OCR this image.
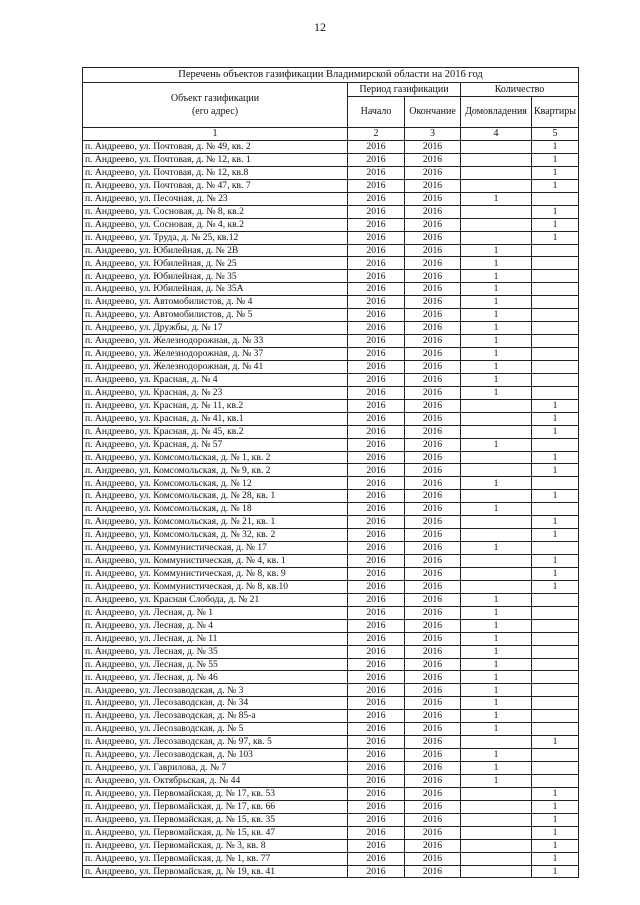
12
Перечень объектов газификации Владимирской области на 2016 год				
Объект газификации
(его адрес)	Период газификации		Количество	
	Начало	Окончание	Домовладения	Квартиры
1	2	3	4	5
п. Андреево, ул. Почтовая, д. № 49, кв. 2	2016	2016		1
п. Андреево, ул. Почтовая, д. № 12, кв. 1	2016	2016		1
п. Андреево, ул. Почтовая, д. № 12, кв.8	2016	2016		1
п. Андреево, ул. Почтовая, д. № 47, кв. 7	2016	2016		1
п. Андреево, ул. Песочная, д. № 23	2016	2016	1	
п. Андреево, ул. Сосновая, д. № 8, кв.2	2016	2016		1
п. Андреево, ул. Сосновая, д. № 4, кв.2	2016	2016		1
п. Андреево, ул. Труда, д. № 25, кв.12	2016	2016		1
п. Андреево, ул. Юбилейная, д. № 2В	2016	2016	1	
п. Андреево, ул. Юбилейная, д. № 25	2016	2016	1	
п. Андреево, ул. Юбилейная, д. № 35	2016	2016	1	
п. Андреево, ул. Юбилейная, д. № 35А	2016	2016	1	
п. Андреево, ул. Автомобилистов, д. № 4	2016	2016	1	
п. Андреево, ул. Автомобилистов, д. № 5	2016	2016	1	
п. Андреево, ул. Дружбы, д. № 17	2016	2016	1	
п. Андреево, ул. Железнодорожная, д. № 33	2016	2016	1	
п. Андреево, ул. Железнодорожная, д. № 37	2016	2016	1	
п. Андреево, ул. Железнодорожная, д. № 41	2016	2016	1	
п. Андреево, ул. Красная, д. № 4	2016	2016	1	
п. Андреево, ул. Красная, д. № 23	2016	2016	1	
п. Андреево, ул. Красная, д. № 11, кв.2	2016	2016		1
п. Андреево, ул. Красная, д. № 41, кв.1	2016	2016		1
п. Андреево, ул. Красная, д. № 45, кв.2	2016	2016		1
п. Андреево, ул. Красная, д. № 57	2016	2016	1	
п. Андреево, ул. Комсомольская, д. № 1, кв. 2	2016	2016		1
п. Андреево, ул. Комсомольская, д. № 9, кв. 2	2016	2016		1
п. Андреево, ул. Комсомольская, д. № 12	2016	2016	1	
п. Андреево, ул. Комсомольская, д. № 28, кв. 1	2016	2016		1
п. Андреево, ул. Комсомольская, д. № 18	2016	2016	1	
п. Андреево, ул. Комсомольская, д. № 21, кв. 1	2016	2016		1
п. Андреево, ул. Комсомольская, д. № 32, кв. 2	2016	2016		1
п. Андреево, ул. Коммунистическая, д. № 17	2016	2016	1	
п. Андреево, ул. Коммунистическая, д. № 4, кв. 1	2016	2016		1
п. Андреево, ул. Коммунистическая, д. № 8, кв. 9	2016	2016		1
п. Андреево, ул. Коммунистическая, д. № 8, кв.10	2016	2016		1
п. Андреево, ул. Красная Слобода, д. № 21	2016	2016	1	
п. Андреево, ул. Лесная, д. № 1	2016	2016	1	
п. Андреево, ул. Лесная, д. № 4	2016	2016	1	
п. Андреево, ул. Лесная, д. № 11	2016	2016	1	
п. Андреево, ул. Лесная, д. № 35	2016	2016	1	
п. Андреево, ул. Лесная, д. № 55	2016	2016	1	
п. Андреево, ул. Лесная, д. № 46	2016	2016	1	
п. Андреево, ул. Лесозаводская, д. № 3	2016	2016	1	
п. Андреево, ул. Лесозаводская, д. № 34	2016	2016	1	
п. Андреево, ул. Лесозаводская, д. № 85-а	2016	2016	1	
п. Андреево, ул. Лесозаводская, д. № 5	2016	2016	1	
п. Андреево, ул. Лесозаводская, д. № 97, кв. 5	2016	2016		1
п. Андреево, ул. Лесозаводская, д. № 103	2016	2016	1	
п. Андреево, ул. Гаврилова, д. № 7	2016	2016	1	
п. Андреево, ул. Октябрьская, д. № 44	2016	2016	1	
п. Андреево, ул. Первомайская, д. № 17, кв. 53	2016	2016		1
п. Андреево, ул. Первомайская, д. № 17, кв. 66	2016	2016		1
п. Андреево, ул. Первомайская, д. № 15, кв. 35	2016	2016		1
п. Андреево, ул. Первомайская, д. № 15, кв. 47	2016	2016		1
п. Андреево, ул. Первомайская, д. № 3, кв. 8	2016	2016		1
п. Андреево, ул. Первомайская, д. № 1, кв. 77	2016	2016		1
п. Андреево, ул. Первомайская, д. № 19, кв. 41	2016	2016		1
